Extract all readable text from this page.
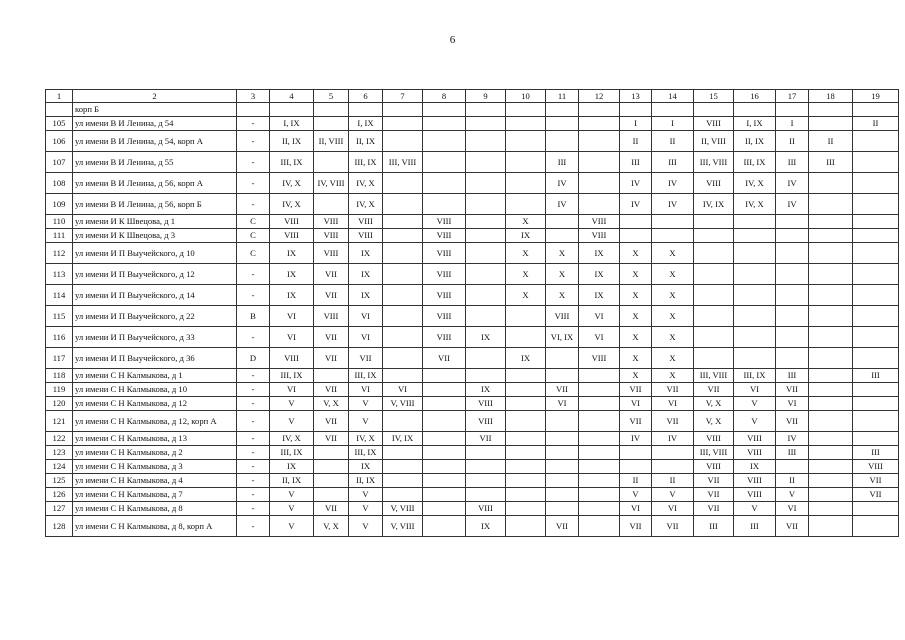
6
1	2	3	4	5	6	7	8	9	10	11	12	13	14	15	16	17	18	19
	корп Б																	
105	ул имени В И Ленина, д 54	-	I, IX		I, IX							I	I	VIII	I, IX	I		II
106	ул имени В И Ленина, д 54, корп А	-	II, IX	II, VIII	II, IX							II	II	II, VIII	II, IX	II	II	
107	ул имени В И Ленина, д 55	-	III, IX		III, IX	III, VIII				III		III	III	III, VIII	III, IX	III	III	
108	ул имени В И Ленина, д 56, корп А	-	IV, X	IV, VIII	IV, X					IV		IV	IV	VIII	IV, X	IV		
109	ул имени В И Ленина, д 56, корп Б	-	IV, X		IV, X					IV		IV	IV	IV, IX	IV, X	IV		
110	ул имени И К Швецова, д 1	С	VIII	VIII	VIII		VIII		X		VIII							
111	ул имени И К Швецова, д 3	С	VIII	VIII	VIII		VIII		IX		VIII							
112	ул имени И П Выучейского, д 10	С	IX	VIII	IX		VIII		X	X	IX	X	X					
113	ул имени И П Выучейского, д 12	-	IX	VII	IX		VIII		X	X	IX	X	X					
114	ул имени И П Выучейского, д 14	-	IX	VII	IX		VIII		X	X	IX	X	X					
115	ул имени И П Выучейского, д 22	В	VI	VIII	VI		VIII			VIII	VI	X	X					
116	ул имени И П Выучейского, д 33	-	VI	VII	VI		VIII	IX		VI, IX	VI	X	X					
117	ул имени И П Выучейского, д 36	D	VIII	VII	VII		VII		IX		VIII	X	X					
118	ул имени С Н Калмыкова, д 1	-	III, IX		III, IX							X	X	III, VIII	III, IX	III		III
119	ул имени С Н Калмыкова, д 10	-	VI	VII	VI	VI		IX		VII		VII	VII	VII	VI	VII		
120	ул имени С Н Калмыкова, д 12	-	V	V, X	V	V, VIII		VIII		VI		VI	VI	V, X	V	VI		
121	ул имени С Н Калмыкова, д 12, корп А	-	V	VII	V			VIII				VII	VII	V, X	V	VII		
122	ул имени С Н Калмыкова, д 13	-	IV, X	VII	IV, X	IV, IX		VII				IV	IV	VIII	VIII	IV		
123	ул имени С Н Калмыкова, д 2	-	III, IX		III, IX									III, VIII	VIII	III		III
124	ул имени С Н Калмыкова, д 3	-	IX		IX									VIII	IX			VIII
125	ул имени С Н Калмыкова, д 4	-	II, IX		II, IX							II	II	VII	VIII	II		VII
126	ул имени С Н Калмыкова, д 7	-	V		V							V	V	VII	VIII	V		VII
127	ул имени С Н Калмыкова, д 8	-	V	VII	V	V, VIII		VIII				VI	VI	VII	V	VI		
128	ул имени С Н Калмыкова, д 8, корп А	-	V	V, X	V	V, VIII		IX		VII		VII	VII	III	III	VII		
